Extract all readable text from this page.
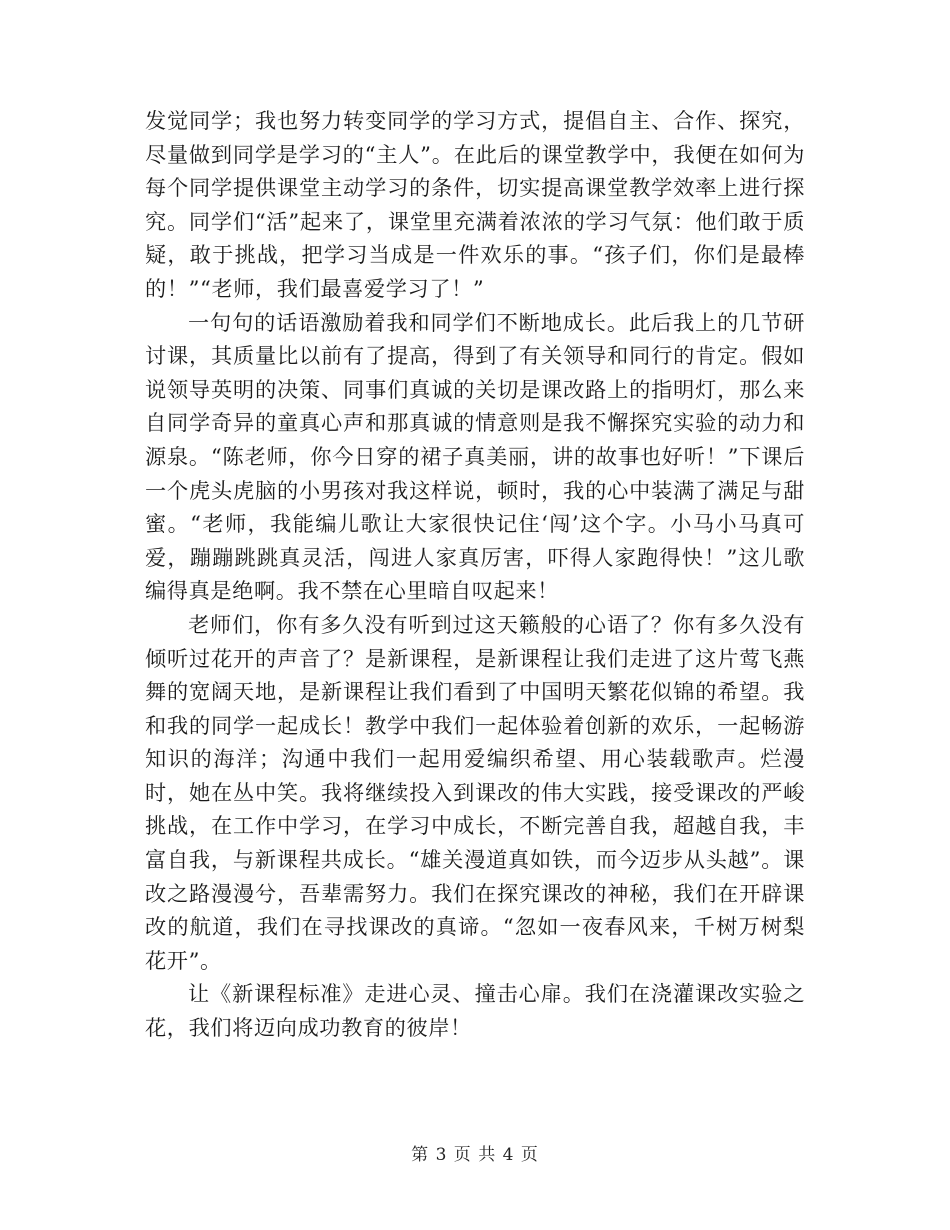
发觉同学；我也努力转变同学的学习方式，提倡自主、合作、探究，尽量做到同学是学习的“主人”。在此后的课堂教学中，我便在如何为每个同学提供课堂主动学习的条件，切实提高课堂教学效率上进行探究。同学们“活”起来了，课堂里充满着浓浓的学习气氛：他们敢于质疑，敢于挑战，把学习当成是一件欢乐的事。“孩子们，你们是最棒的！”“老师，我们最喜爱学习了！”

一句句的话语激励着我和同学们不断地成长。此后我上的几节研讨课，其质量比以前有了提高，得到了有关领导和同行的肯定。假如说领导英明的决策、同事们真诚的关切是课改路上的指明灯，那么来自同学奇异的童真心声和那真诚的情意则是我不懈探究实验的动力和源泉。“陈老师，你今日穿的裙子真美丽，讲的故事也好听！”下课后一个虎头虎脑的小男孩对我这样说，顿时，我的心中装满了满足与甜蜜。“老师，我能编儿歌让大家很快记住‘闯’这个字。小马小马真可爱，蹦蹦跳跳真灵活，闯进人家真厉害，吓得人家跑得快！”这儿歌编得真是绝啊。我不禁在心里暗自叹起来！

老师们，你有多久没有听到过这天籁般的心语了？你有多久没有倾听过花开的声音了？是新课程，是新课程让我们走进了这片莺飞燕舞的宽阔天地，是新课程让我们看到了中国明天繁花似锦的希望。我和我的同学一起成长！教学中我们一起体验着创新的欢乐，一起畅游知识的海洋；沟通中我们一起用爱编织希望、用心装载歌声。烂漫时，她在丛中笑。我将继续投入到课改的伟大实践，接受课改的严峻挑战，在工作中学习，在学习中成长，不断完善自我，超越自我，丰富自我，与新课程共成长。“雄关漫道真如铁，而今迈步从头越”。课改之路漫漫兮，吾辈需努力。我们在探究课改的神秘，我们在开辟课改的航道，我们在寻找课改的真谛。“忽如一夜春风来，千树万树梨花开”。

让《新课程标准》走进心灵、撞击心扉。我们在浇灌课改实验之花，我们将迈向成功教育的彼岸！

第 3 页 共 4 页
